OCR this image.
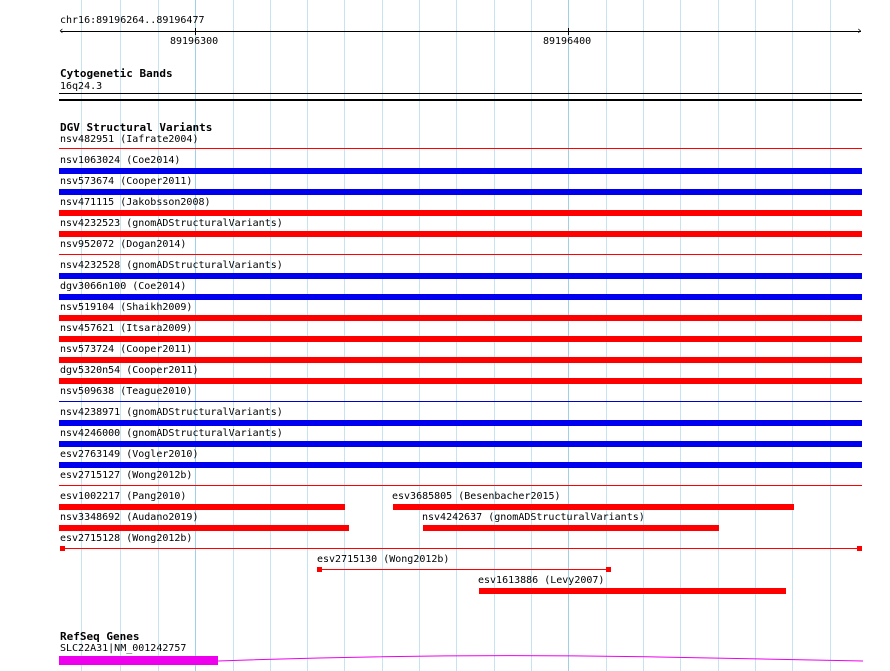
chr16:89196264..89196477
‹	›
89196300	89196400
Cytogenetic Bands
16q24.3
DGV Structural Variants
nsv482951 (Iafrate2004)
nsv1063024 (Coe2014)
nsv573674 (Cooper2011)
nsv471115 (Jakobsson2008)
nsv4232523 (gnomADStructuralVariants)
nsv952072 (Dogan2014)
nsv4232528 (gnomADStructuralVariants)
dgv3066n100 (Coe2014)
nsv519104 (Shaikh2009)
nsv457621 (Itsara2009)
nsv573724 (Cooper2011)
dgv5320n54 (Cooper2011)
nsv509638 (Teague2010)
nsv4238971 (gnomADStructuralVariants)
nsv4246000 (gnomADStructuralVariants)
esv2763149 (Vogler2010)
esv2715127 (Wong2012b)
esv1002217 (Pang2010)	esv3685805 (Besenbacher2015)
nsv3348692 (Audano2019)	nsv4242637 (gnomADStructuralVariants)
esv2715128 (Wong2012b)
esv2715130 (Wong2012b)
esv1613886 (Levy2007)
RefSeq Genes
SLC22A31|NM_001242757
